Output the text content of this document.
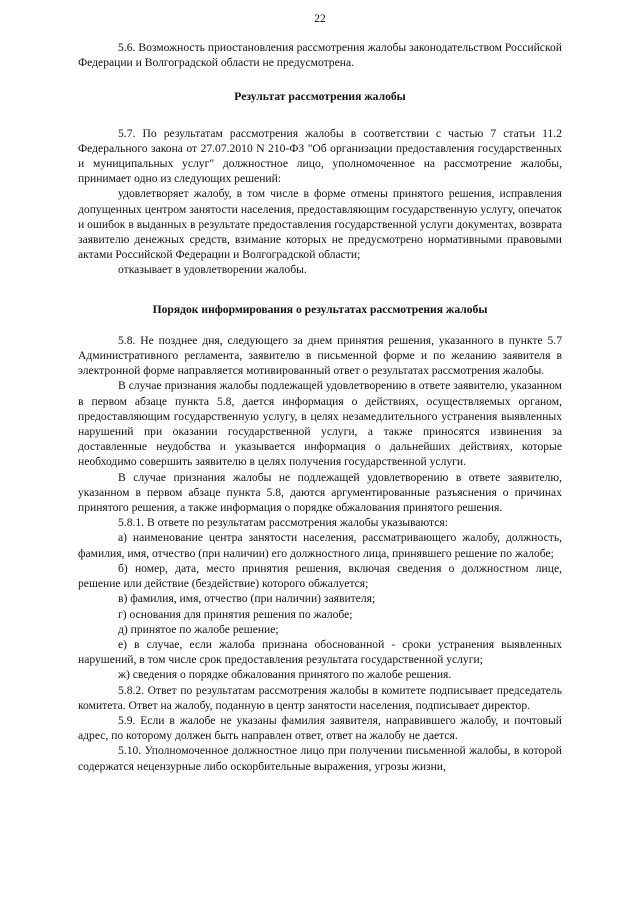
22

5.6. Возможность приостановления рассмотрения жалобы законодательством Российской Федерации и Волгоградской области не предусмотрена.

Результат рассмотрения жалобы

5.7. По результатам рассмотрения жалобы в соответствии с частью 7 статьи 11.2 Федерального закона от 27.07.2010 N 210-ФЗ "Об организации предоставления государственных и муниципальных услуг" должностное лицо, уполномоченное на рассмотрение жалобы, принимает одно из следующих решений:

удовлетворяет жалобу, в том числе в форме отмены принятого решения, исправления допущенных центром занятости населения, предоставляющим государственную услугу, опечаток и ошибок в выданных в результате предоставления государственной услуги документах, возврата заявителю денежных средств, взимание которых не предусмотрено нормативными правовыми актами Российской Федерации и Волгоградской области;

отказывает в удовлетворении жалобы.

Порядок информирования о результатах рассмотрения жалобы

5.8. Не позднее дня, следующего за днем принятия решения, указанного в пункте 5.7 Административного регламента, заявителю в письменной форме и по желанию заявителя в электронной форме направляется мотивированный ответ о результатах рассмотрения жалобы.

В случае признания жалобы подлежащей удовлетворению в ответе заявителю, указанном в первом абзаце пункта 5.8, дается информация о действиях, осуществляемых органом, предоставляющим государственную услугу, в целях незамедлительного устранения выявленных нарушений при оказании государственной услуги, а также приносятся извинения за доставленные неудобства и указывается информация о дальнейших действиях, которые необходимо совершить заявителю в целях получения государственной услуги.

В случае признания жалобы не подлежащей удовлетворению в ответе заявителю, указанном в первом абзаце пункта 5.8, даются аргументированные разъяснения о причинах принятого решения, а также информация о порядке обжалования принятого решения.

5.8.1. В ответе по результатам рассмотрения жалобы указываются:

а) наименование центра занятости населения, рассматривающего жалобу, должность, фамилия, имя, отчество (при наличии) его должностного лица, принявшего решение по жалобе;

б) номер, дата, место принятия решения, включая сведения о должностном лице, решение или действие (бездействие) которого обжалуется;

в) фамилия, имя, отчество (при наличии) заявителя;

г) основания для принятия решения по жалобе;

д) принятое по жалобе решение;

е) в случае, если жалоба признана обоснованной - сроки устранения выявленных нарушений, в том числе срок предоставления результата государственной услуги;

ж) сведения о порядке обжалования принятого по жалобе решения.

5.8.2. Ответ по результатам рассмотрения жалобы в комитете подписывает председатель комитета. Ответ на жалобу, поданную в центр занятости населения, подписывает директор.

5.9. Если в жалобе не указаны фамилия заявителя, направившего жалобу, и почтовый адрес, по которому должен быть направлен ответ, ответ на жалобу не дается.

5.10. Уполномоченное должностное лицо при получении письменной жалобы, в которой содержатся нецензурные либо оскорбительные выражения, угрозы жизни,
